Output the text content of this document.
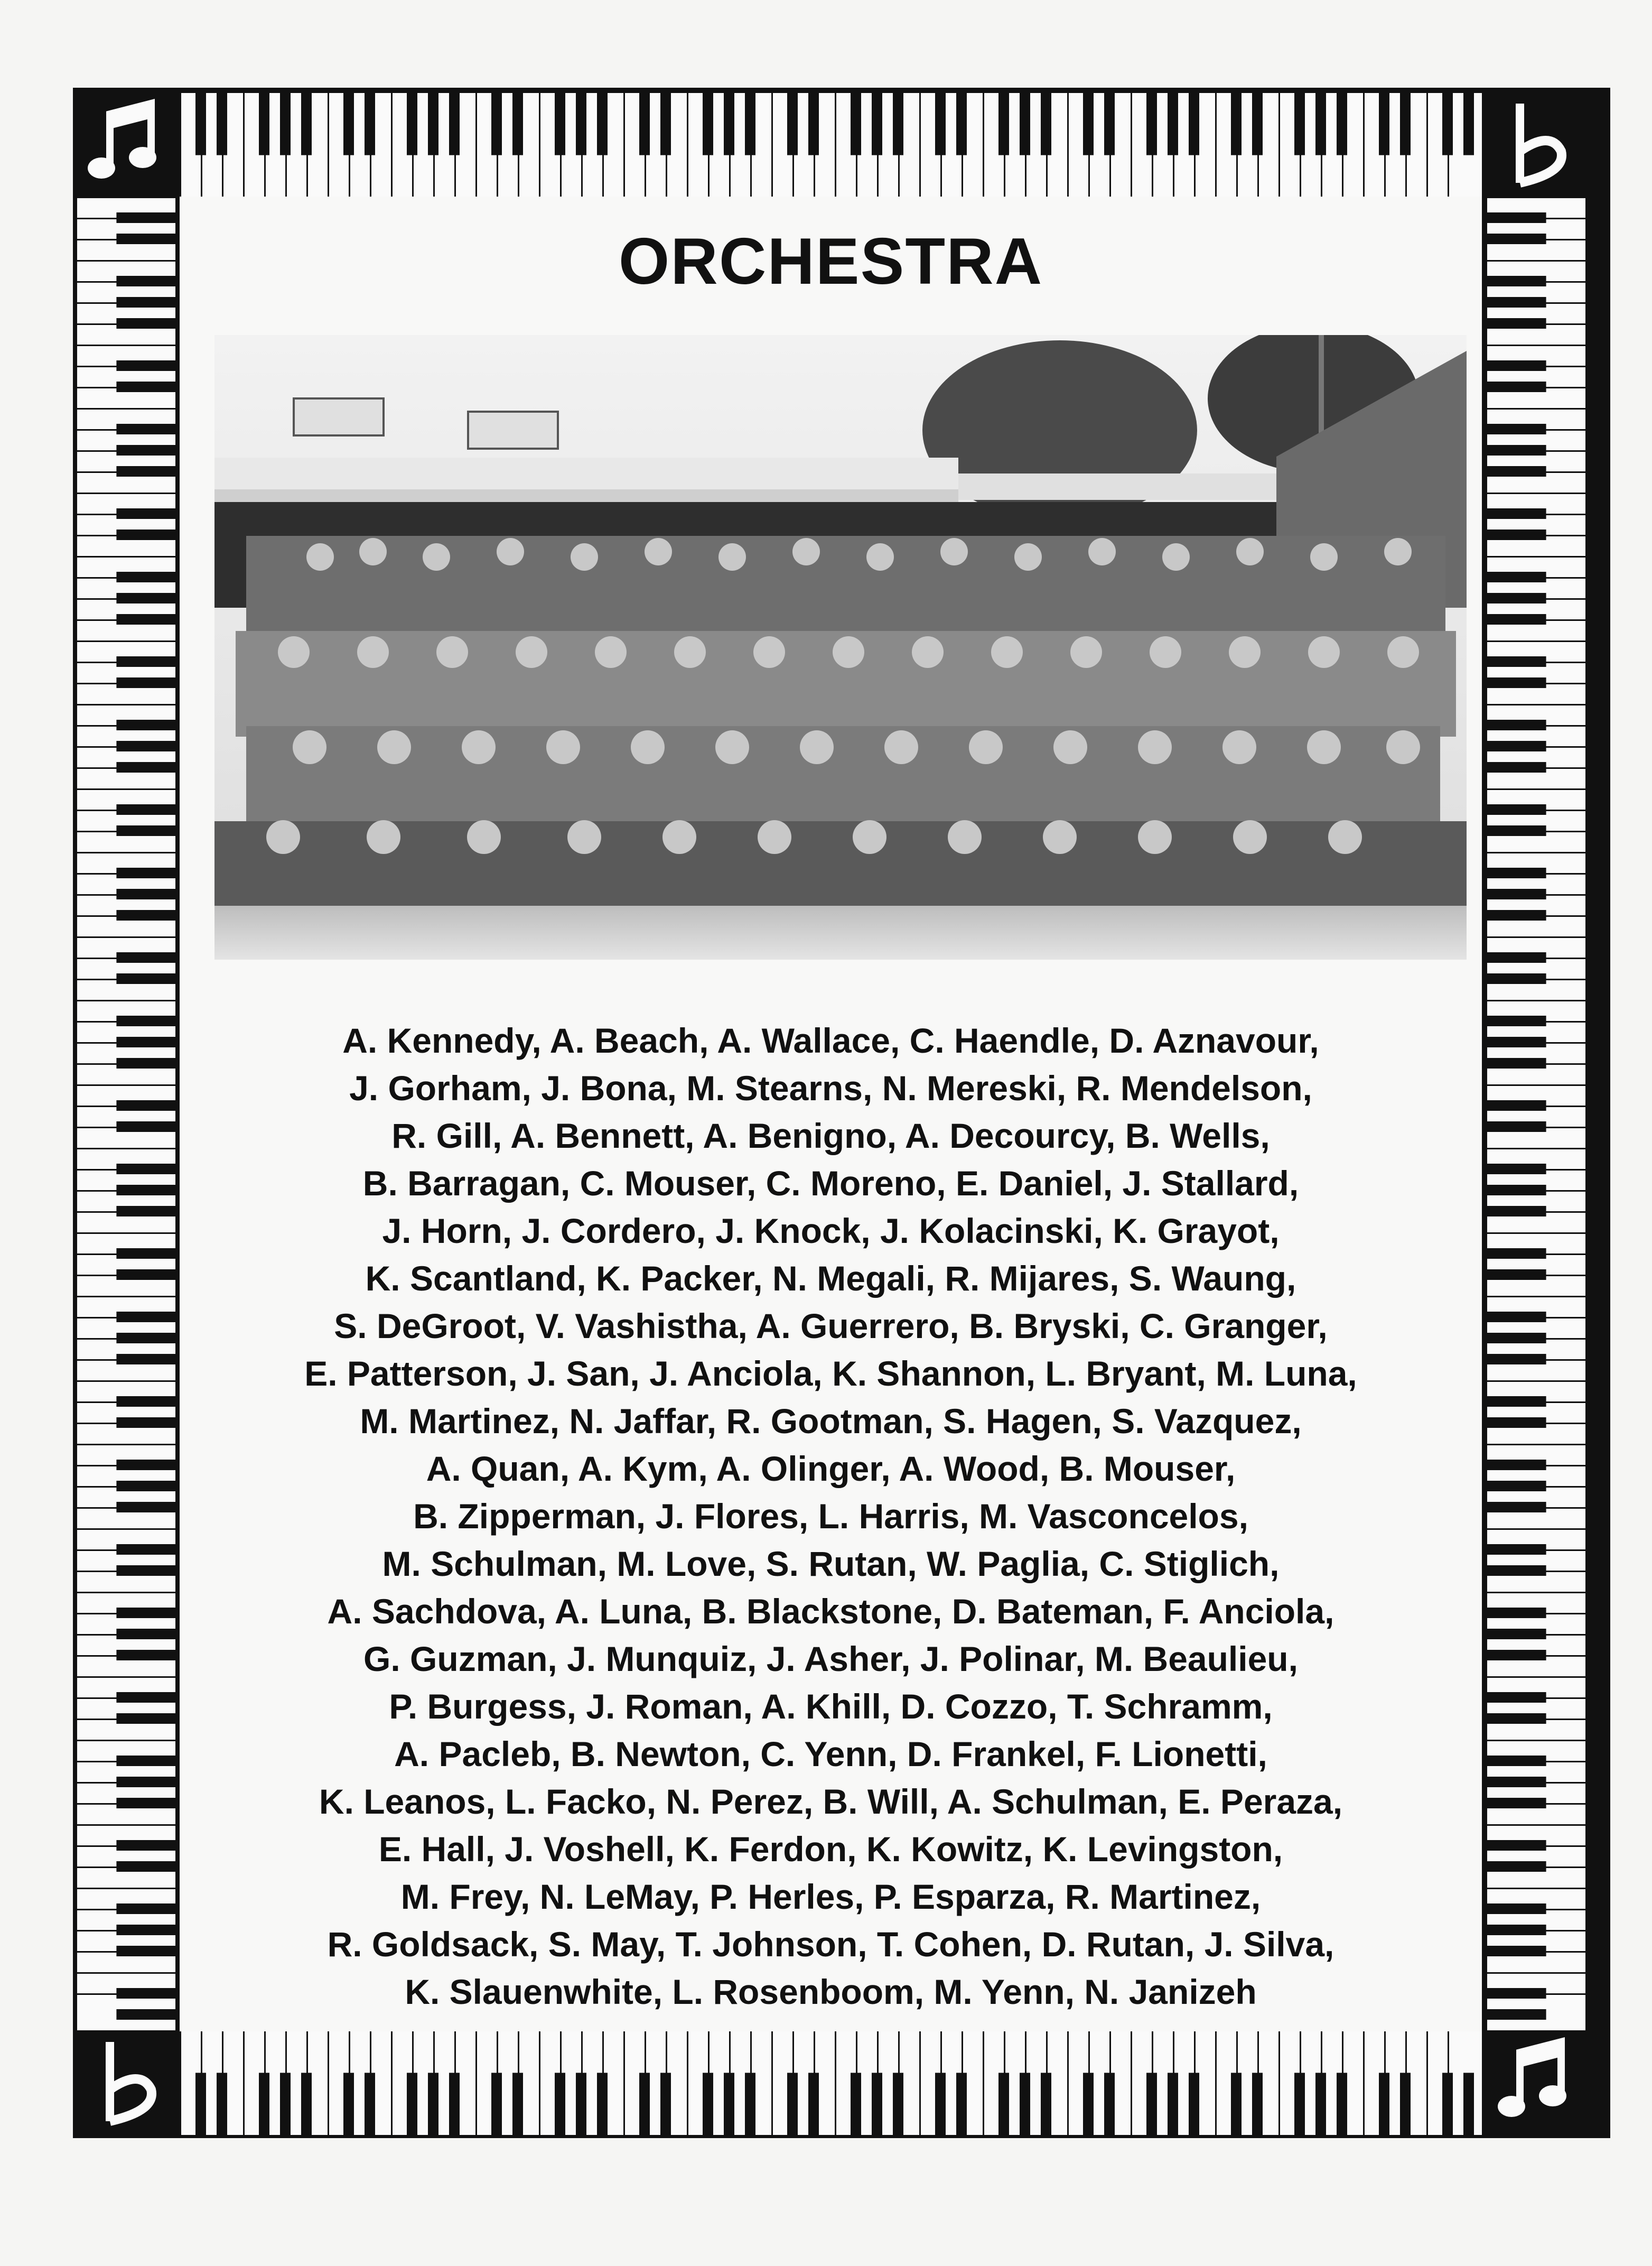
ORCHESTRA
A. Kennedy, A. Beach, A. Wallace, C. Haendle, D. Aznavour,
J. Gorham, J. Bona, M. Stearns, N. Mereski, R. Mendelson,
R. Gill, A. Bennett, A. Benigno, A. Decourcy, B. Wells,
B. Barragan, C. Mouser, C. Moreno, E. Daniel, J. Stallard,
J. Horn, J. Cordero, J. Knock, J. Kolacinski, K. Grayot,
K. Scantland, K. Packer, N. Megali, R. Mijares, S. Waung,
S. DeGroot, V. Vashistha, A. Guerrero, B. Bryski, C. Granger,
E. Patterson, J. San, J. Anciola, K. Shannon, L. Bryant, M. Luna,
M. Martinez, N. Jaffar, R. Gootman, S. Hagen, S. Vazquez,
A. Quan, A. Kym, A. Olinger, A. Wood, B. Mouser,
B. Zipperman, J. Flores, L. Harris, M. Vasconcelos,
M. Schulman, M. Love, S. Rutan, W. Paglia, C. Stiglich,
A. Sachdova, A. Luna, B. Blackstone, D. Bateman, F. Anciola,
G. Guzman, J. Munquiz, J. Asher, J. Polinar, M. Beaulieu,
P. Burgess, J. Roman, A. Khill, D. Cozzo, T. Schramm,
A. Pacleb, B. Newton, C. Yenn, D. Frankel, F. Lionetti,
K. Leanos, L. Facko, N. Perez, B. Will, A. Schulman, E. Peraza,
E. Hall, J. Voshell, K. Ferdon, K. Kowitz, K. Levingston,
M. Frey, N. LeMay, P. Herles, P. Esparza, R. Martinez,
R. Goldsack, S. May, T. Johnson, T. Cohen, D. Rutan, J. Silva,
K. Slauenwhite, L. Rosenboom, M. Yenn, N. Janizeh
